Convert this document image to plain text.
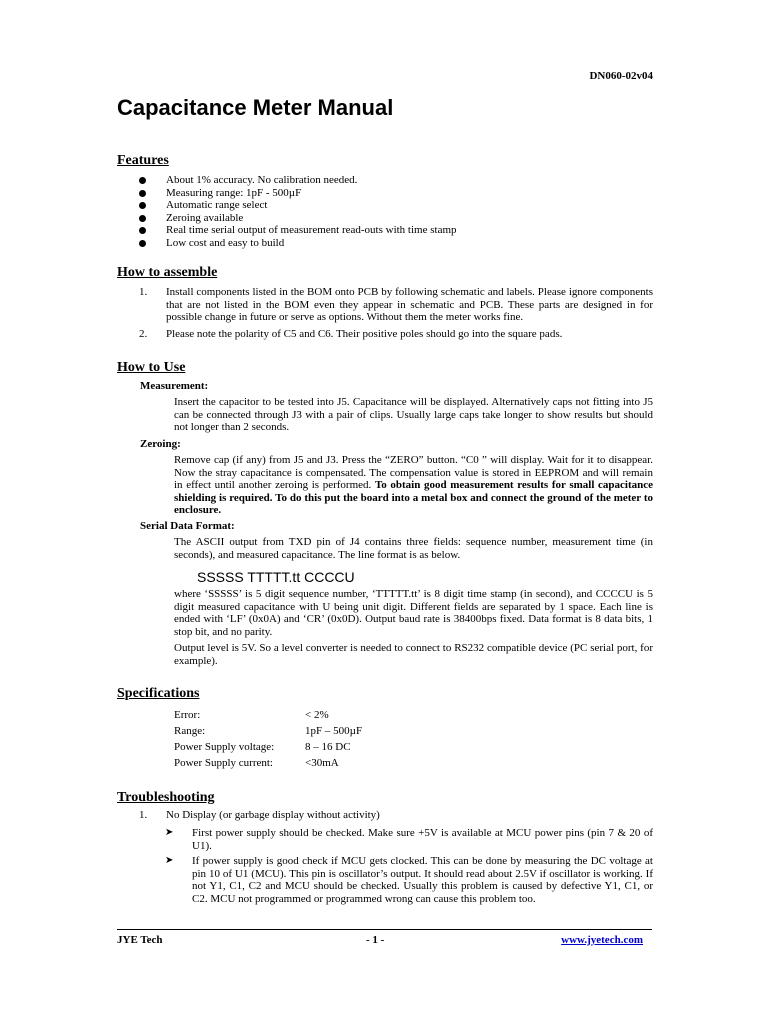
DN060-02v04
Capacitance Meter Manual
Features
About 1% accuracy. No calibration needed.
Measuring range: 1pF - 500µF
Automatic range select
Zeroing available
Real time serial output of measurement read-outs with time stamp
Low cost and easy to build
How to assemble
1. Install components listed in the BOM onto PCB by following schematic and labels. Please ignore components that are not listed in the BOM even they appear in schematic and PCB. These parts are designed in for possible change in future or serve as options. Without them the meter works fine.
2. Please note the polarity of C5 and C6. Their positive poles should go into the square pads.
How to Use
Measurement:
Insert the capacitor to be tested into J5. Capacitance will be displayed. Alternatively caps not fitting into J5 can be connected through J3 with a pair of clips. Usually large caps take longer to show results but should not longer than 2 seconds.
Zeroing:
Remove cap (if any) from J5 and J3. Press the “ZERO” button. “C0 ” will display. Wait for it to disappear. Now the stray capacitance is compensated. The compensation value is stored in EEPROM and will remain in effect until another zeroing is performed. To obtain good measurement results for small capacitance shielding is required. To do this put the board into a metal box and connect the ground of the meter to enclosure.
Serial Data Format:
The ASCII output from TXD pin of J4 contains three fields: sequence number, measurement time (in seconds), and measured capacitance. The line format is as below.
SSSSS TTTTT.tt CCCCU
where ‘SSSSS’ is 5 digit sequence number, ‘TTTTT.tt’ is 8 digit time stamp (in second), and CCCCU is 5 digit measured capacitance with U being unit digit. Different fields are separated by 1 space. Each line is ended with ‘LF’ (0x0A) and ‘CR’ (0x0D). Output baud rate is 38400bps fixed. Data format is 8 data bits, 1 stop bit, and no parity.
Output level is 5V. So a level converter is needed to connect to RS232 compatible device (PC serial port, for example).
Specifications
Error:	< 2%
Range:	1pF – 500µF
Power Supply voltage:	8 – 16 DC
Power Supply current:	<30mA
Troubleshooting
1. No Display (or garbage display without activity)
➤ First power supply should be checked. Make sure +5V is available at MCU power pins (pin 7 & 20 of U1).
➤ If power supply is good check if MCU gets clocked. This can be done by measuring the DC voltage at pin 10 of U1 (MCU). This pin is oscillator’s output. It should read about 2.5V if oscillator is working. If not Y1, C1, C2 and MCU should be checked. Usually this problem is caused by defective Y1, C1, or C2. MCU not programmed or programmed wrong can cause this problem too.
JYE Tech	- 1 -	www.jyetech.com
